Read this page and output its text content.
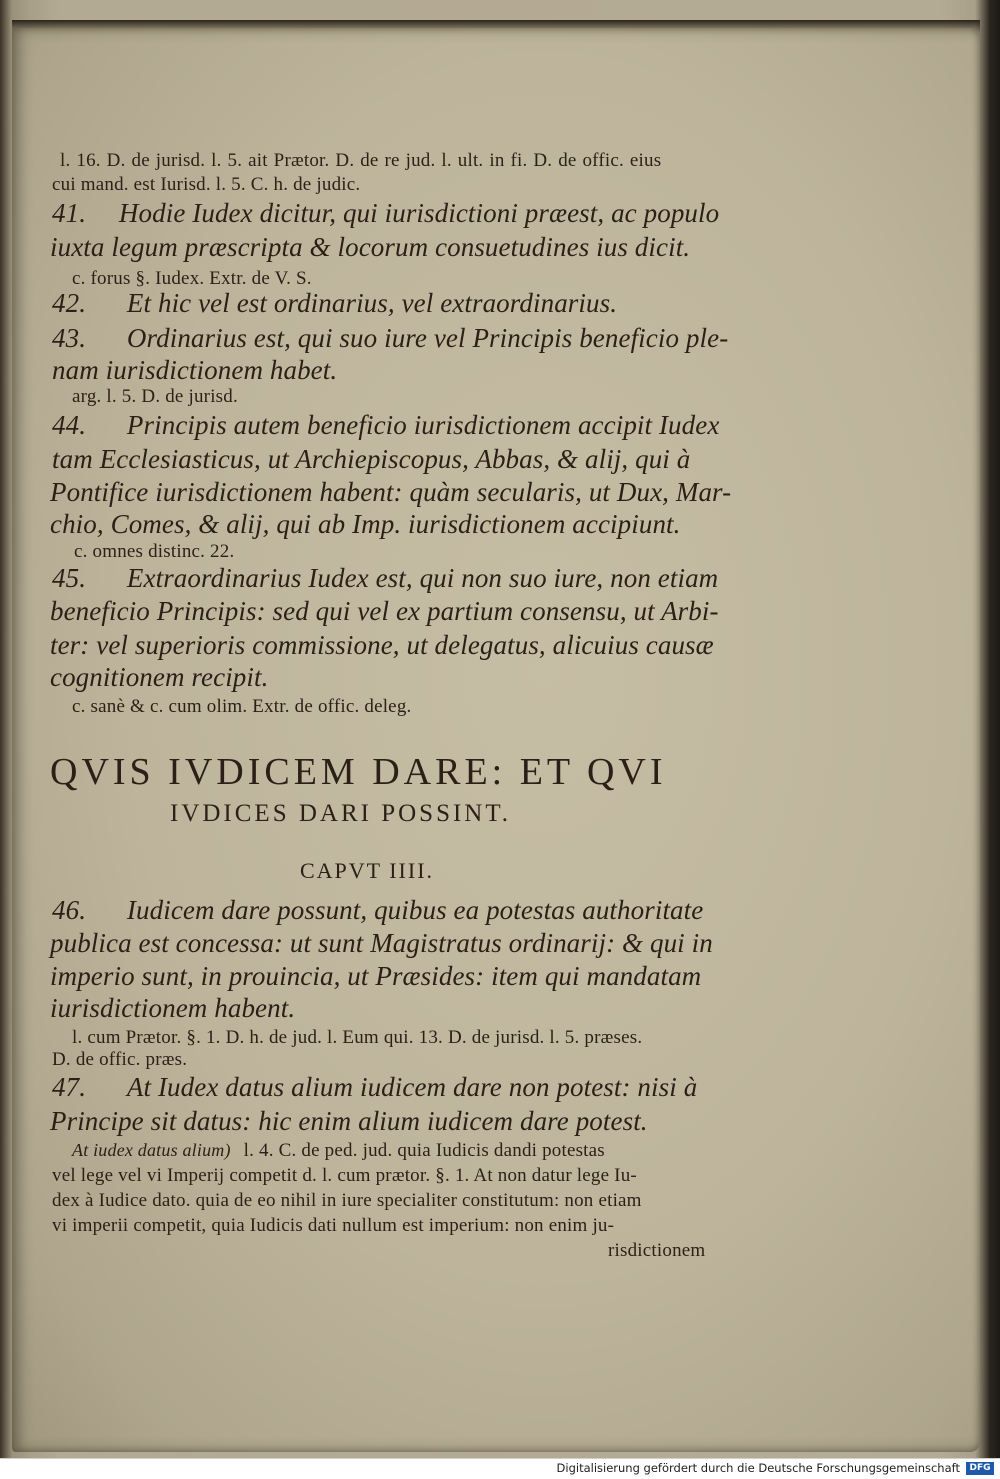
l. 16. D. de jurisd. l. 5. ait Prætor. D. de re jud. l. ult. in fi. D. de offic. eius
cui mand. est Iurisd. l. 5. C. h. de judic.
41. Hodie Iudex dicitur, qui iurisdictioni præest, ac populo
iuxta legum præscripta & locorum consuetudines ius dicit.
c. forus §. Iudex. Extr. de V. S.
42. Et hic vel est ordinarius, vel extraordinarius.
43. Ordinarius est, qui suo iure vel Principis beneficio ple-
nam iurisdictionem habet.
arg. l. 5. D. de jurisd.
44. Principis autem beneficio iurisdictionem accipit Iudex
tam Ecclesiasticus, ut Archiepiscopus, Abbas, & alij, qui à
Pontifice iurisdictionem habent: quàm secularis, ut Dux, Mar-
chio, Comes, & alij, qui ab Imp. iurisdictionem accipiunt.
c. omnes distinc. 22.
45. Extraordinarius Iudex est, qui non suo iure, non etiam
beneficio Principis: sed qui vel ex partium consensu, ut Arbi-
ter: vel superioris commissione, ut delegatus, alicuius causæ
cognitionem recipit.
c. sanè & c. cum olim. Extr. de offic. deleg.
QVIS IVDICEM DARE: ET QVI
IVDICES DARI POSSINT.
CAPVT IIII.
46. Iudicem dare possunt, quibus ea potestas authoritate
publica est concessa: ut sunt Magistratus ordinarij: & qui in
imperio sunt, in prouincia, ut Præsides: item qui mandatam
iurisdictionem habent.
l. cum Prætor. §. 1. D. h. de jud. l. Eum qui. 13. D. de jurisd. l. 5. præses.
D. de offic. præs.
47. At Iudex datus alium iudicem dare non potest: nisi à
Principe sit datus: hic enim alium iudicem dare potest.
At iudex datus alium) l. 4. C. de ped. jud. quia Iudicis dandi potestas
vel lege vel vi Imperij competit d. l. cum prætor. §. 1. At non datur lege Iu-
dex à Iudice dato. quia de eo nihil in iure specialiter constitutum: non etiam
vi imperii competit, quia Iudicis dati nullum est imperium: non enim ju-
risdictionem
Digitalisierung gefördert durch die Deutsche Forschungsgemeinschaft	DFG
